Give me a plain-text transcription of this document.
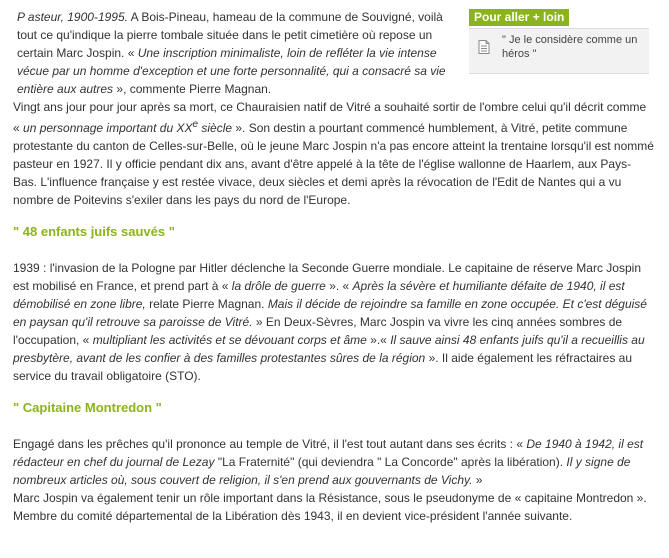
P asteur, 1900-1995. A Bois-Pineau, hameau de la commune de Souvigné, voilà tout ce qu'indique la pierre tombale située dans le petit cimetière où repose un certain Marc Jospin. « Une inscription minimaliste, loin de refléter la vie intense vécue par un homme d'exception et une forte personnalité, qui a consacré sa vie entière aux autres », commente Pierre Magnan.

Vingt ans jour pour jour après sa mort, ce Chauraisien natif de Vitré a souhaité sortir de l'ombre celui qu'il décrit comme « un personnage important du XXe siècle ». Son destin a pourtant commencé humblement, à Vitré, petite commune protestante du canton de Celles-sur-Belle, où le jeune Marc Jospin n'a pas encore atteint la trentaine lorsqu'il est nommé pasteur en 1927. Il y officie pendant dix ans, avant d'être appelé à la tête de l'église wallonne de Haarlem, aux Pays-Bas. L'influence française y est restée vivace, deux siècles et demi après la révocation de l'Edit de Nantes qui a vu nombre de Poitevins s'exiler dans les pays du nord de l'Europe.

" 48 enfants juifs sauvés "

1939 : l'invasion de la Pologne par Hitler déclenche la Seconde Guerre mondiale. Le capitaine de réserve Marc Jospin est mobilisé en France, et prend part à « la drôle de guerre ». « Après la sévère et humiliante défaite de 1940, il est démobilisé en zone libre, relate Pierre Magnan. Mais il décide de rejoindre sa famille en zone occupée. Et c'est déguisé en paysan qu'il retrouve sa paroisse de Vitré. » En Deux-Sèvres, Marc Jospin va vivre les cinq années sombres de l'occupation, « multipliant les activités et se dévouant corps et âme ».« Il sauve ainsi 48 enfants juifs qu'il a recueillis au presbytère, avant de les confier à des familles protestantes sûres de la région ». Il aide également les réfractaires au service du travail obligatoire (STO).

" Capitaine Montredon "

Engagé dans les prêches qu'il prononce au temple de Vitré, il l'est tout autant dans ses écrits : « De 1940 à 1942, il est rédacteur en chef du journal de Lezay "La Fraternité" (qui deviendra " La Concorde" après la libération). Il y signe de nombreux articles où, sous couvert de religion, il s'en prend aux gouvernants de Vichy. »

Marc Jospin va également tenir un rôle important dans la Résistance, sous le pseudonyme de « capitaine Montredon ». Membre du comité départemental de la Libération dès 1943, il en devient vice-président l'année suivante.

Pour aller + loin
" Je le considère comme un héros "
